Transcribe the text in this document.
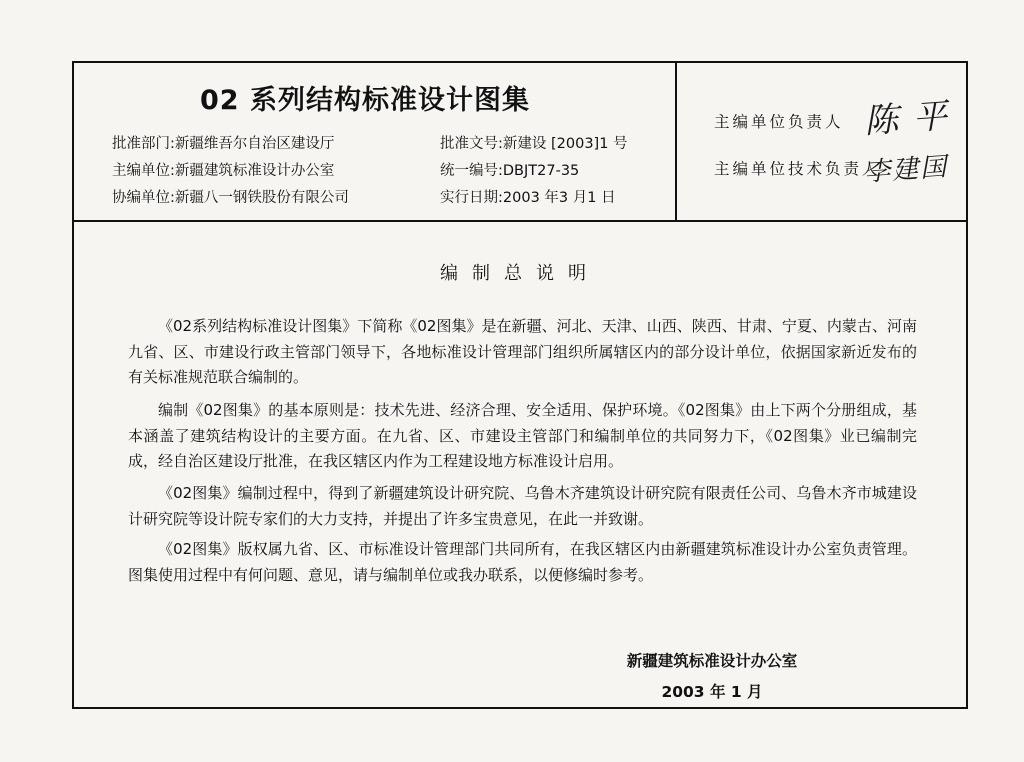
02 系列结构标准设计图集
批准部门:新疆维吾尔自治区建设厅
主编单位:新疆建筑标准设计办公室
协编单位:新疆八一钢铁股份有限公司
批准文号:新建设 [2003]1 号
统一编号:DBJT27-35
实行日期:2003 年3 月1 日
主编单位负责人 陈 平
主编单位技术负责人
李建国
编制总说明

《02系列结构标准设计图集》下简称《02图集》是在新疆、河北、天津、山西、陕西、甘肃、宁夏、内蒙古、河南九省、区、市建设行政主管部门领导下，各地标准设计管理部门组织所属辖区内的部分设计单位，依据国家新近发布的有关标准规范联合编制的。

编制《02图集》的基本原则是：技术先进、经济合理、安全适用、保护环境。《02图集》由上下两个分册组成，基本涵盖了建筑结构设计的主要方面。在九省、区、市建设主管部门和编制单位的共同努力下，《02图集》业已编制完成，经自治区建设厅批准，在我区辖区内作为工程建设地方标准设计启用。

《02图集》编制过程中，得到了新疆建筑设计研究院、乌鲁木齐建筑设计研究院有限责任公司、乌鲁木齐市城建设计研究院等设计院专家们的大力支持，并提出了许多宝贵意见，在此一并致谢。

《02图集》版权属九省、区、市标准设计管理部门共同所有，在我区辖区内由新疆建筑标准设计办公室负责管理。图集使用过程中有何问题、意见，请与编制单位或我办联系，以便修编时参考。

新疆建筑标准设计办公室
2003 年 1 月
